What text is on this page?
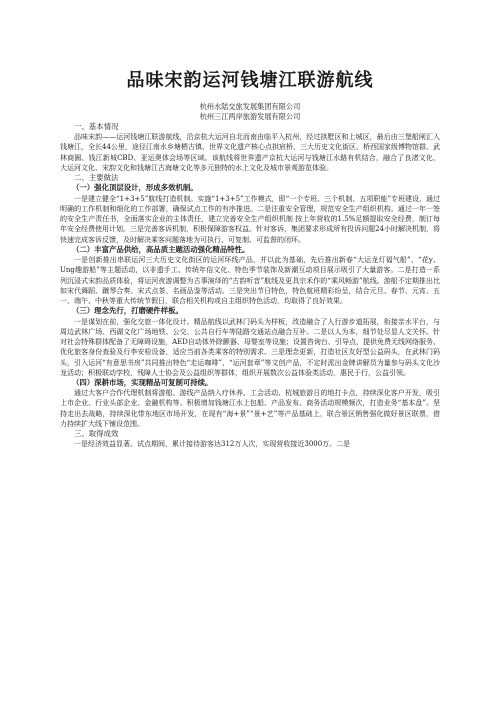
品味宋韵运河钱塘江联游航线
杭州水陆交旅发展集团有限公司
杭州三江两岸旅游发展有限公司
一、基本情况

品味宋韵——运河钱塘江联游航线，沿京杭大运河自北而南由临平入杭州，经过拱墅区和上城区，最后由三堡船闸汇入钱塘江，全长44公里，途径江南水乡塘栖古镇、世界文化遗产核心点拱宸桥、三大历史文化街区、桥西国家级博物馆群、武林商圈、钱江新城CBD、亚运奥体会场等区域。该航线将世界遗产京杭大运河与钱塘江水路有机结合，融合了良渚文化、大运河文化、宋韵文化和钱塘江古海塘文化等多元独特的水上文化及城市景观游览体验。

二、主要做法
（一）强化顶层设计，形成多效机制。

一是建立健全“1+3+5”航线打造机制。实施“1+3+5”工作模式，即“一个专班、三个机制、五项职能”专班建设，通过明确的工作机制和细化的工作部署，确保试点工作的有序推进。二是注重安全管理，规范安全生产组织机构。通过一年一签的安全生产责任书，全面落实企业的主体责任，建立完善安全生产组织机制 按上年营收的1.5%足额提取安全经费，制订每年安全经费使用计划。三是完善客诉机制，积极保障游客权益。针对客诉，集团要求形成所有投诉问题24小时解决机制，将快速完成客诉反馈，及时解决乘客问题落地为可执行、可复制、可监督的闭环。

（二）丰富产品供给，高品质主题活动强化精品特性。

一是创新推出串联运河三大历史文化街区的运河环线产品，并以此为基础，先后推出新春“大运龙灯福气船”、“花y、Ung趣游船”等主题活动，以非遗手工、传统年俗文化、特色季节装饰及新潮互动项目展示吸引了大量游客。二是打造一系列沉浸式宋韵品质体验，将运河夜游调整为古事演绎的“古韵听音”航线及更具宗禾作的“乘风畅游”航线。游船不定期推出比如宋代舞蹈、蹴琴合奏、宋式点茶、名画品鉴等活动。三是突出节日特色，特色航班精彩纷呈，结合元旦、春节、元宵、五一、端午、中秋等重大传统节假日，联合相关机构或自主组织特色活动，均取得了良好效果。

（三）理念先行，打磨硬件样板。

一是谋划在前，强化交旅一体化设计。精品航线以武林门码头为样板，改造融合了人行游步道拓展，衔接亲水平台，与周边武林广场、西湖文化广场地铁、公交、公共自行车等陆路交通站点融合互补。二是以人为本，细节处尽显人文关怀。针对社会特殊群体配备了无障碍设施，AED自动体外除颤器、母婴室等设施；设置咨询台、引导点，提供免费无线网络服务、优化旅客身份查验及行李安检设备，适应当前各类乘客的特别需求。三是理念更新，打造社区友好型公益码头，在武林门码头，引入运河“有意思书房”共同推出特色“走运咖啡”、“运河套章”等文创产品，不定时派出金牌讲解员为量参与码头文化沙龙活动；积极联动学校、残障人士协会及公益组织等群体，组织开展数次公益体验类活动，惠民于行，公益引领。

（四）深耕市场，实现精品可复制可持续。

通过大客户合作代理机制将游船、游线产品纳入疗休养、工会活动、杭城旅游日的地打卡点，持续深化客户开发，吸引上市企业、行业头部企业、金融机构等。积极增加钱塘江水上包船、产品发布、商务活动规模频次，打造业务“基本盘”。坚持走出去战略，持续深化带东地区市场开发，在现有“海+景”“景+艺”等产品基础上，联合景区销售强化做好景区联票，借力持续扩大线下铺设范围。

三、取得成效

一是经济效益显著。试点期间，累计接待游客达312万人次，实现营收接近3000万。二是
